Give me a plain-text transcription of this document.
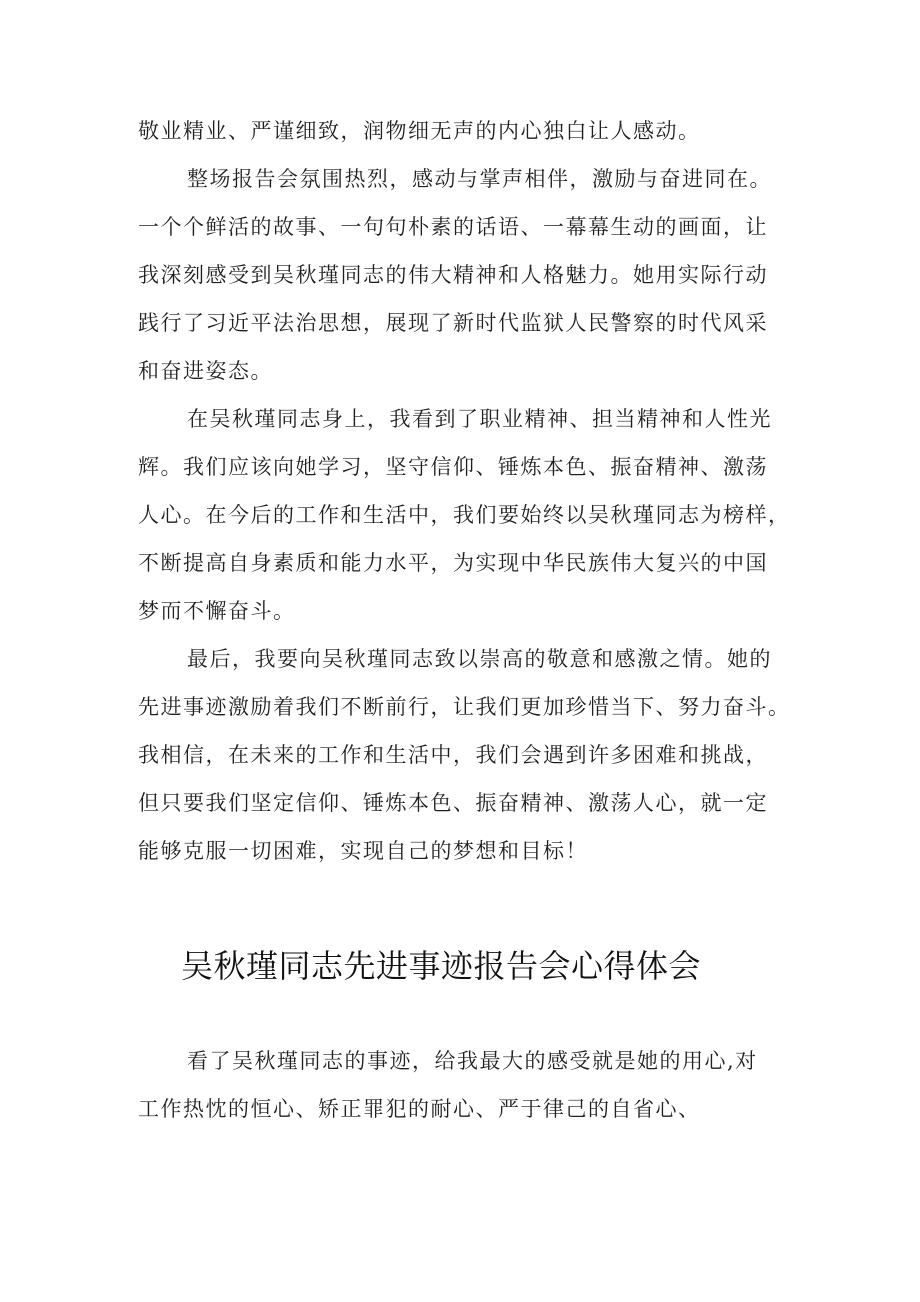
敬业精业、严谨细致，润物细无声的内心独白让人感动。
整场报告会氛围热烈，感动与掌声相伴，激励与奋进同在。
一个个鲜活的故事、一句句朴素的话语、一幕幕生动的画面，让
我深刻感受到吴秋瑾同志的伟大精神和人格魅力。她用实际行动
践行了习近平法治思想，展现了新时代监狱人民警察的时代风采
和奋进姿态。
在吴秋瑾同志身上，我看到了职业精神、担当精神和人性光
辉。我们应该向她学习，坚守信仰、锤炼本色、振奋精神、激荡
人心。在今后的工作和生活中，我们要始终以吴秋瑾同志为榜样，
不断提高自身素质和能力水平，为实现中华民族伟大复兴的中国
梦而不懈奋斗。
最后，我要向吴秋瑾同志致以崇高的敬意和感激之情。她的
先进事迹激励着我们不断前行，让我们更加珍惜当下、努力奋斗。
我相信，在未来的工作和生活中，我们会遇到许多困难和挑战，
但只要我们坚定信仰、锤炼本色、振奋精神、激荡人心，就一定
能够克服一切困难，实现自己的梦想和目标！
吴秋瑾同志先进事迹报告会心得体会
看了吴秋瑾同志的事迹，给我最大的感受就是她的用心,对
工作热忱的恒心、矫正罪犯的耐心、严于律己的自省心、
